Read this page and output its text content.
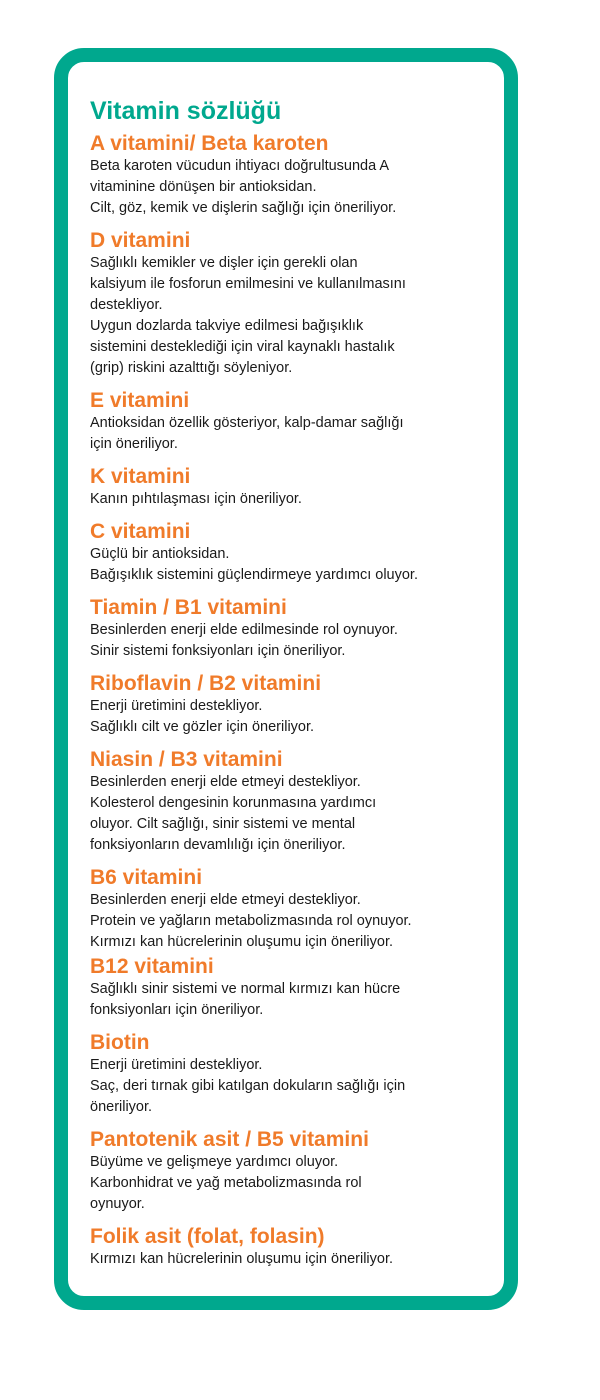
Vitamin sözlüğü
A vitamini/ Beta karoten

Beta karoten vücudun ihtiyacı doğrultusunda A

vitaminine dönüşen bir antioksidan.

Cilt, göz, kemik ve dişlerin sağlığı için öneriliyor.

D vitamini

Sağlıklı kemikler ve dişler için gerekli olan

kalsiyum ile fosforun emilmesini ve kullanılmasını

destekliyor.

Uygun dozlarda takviye edilmesi bağışıklık

sistemini desteklediği için viral kaynaklı hastalık

(grip) riskini azalttığı söyleniyor.

E vitamini

Antioksidan özellik gösteriyor, kalp-damar sağlığı

için öneriliyor.

K vitamini

Kanın pıhtılaşması için öneriliyor.

C vitamini

Güçlü bir antioksidan.

Bağışıklık sistemini güçlendirmeye yardımcı oluyor.

Tiamin / B1 vitamini

Besinlerden enerji elde edilmesinde rol oynuyor.

Sinir sistemi fonksiyonları için öneriliyor.

Riboflavin / B2 vitamini

Enerji üretimini destekliyor.

Sağlıklı cilt ve gözler için öneriliyor.

Niasin / B3 vitamini

Besinlerden enerji elde etmeyi destekliyor.

Kolesterol dengesinin korunmasına yardımcı

oluyor. Cilt sağlığı, sinir sistemi ve mental

fonksiyonların devamlılığı için öneriliyor.

B6 vitamini

Besinlerden enerji elde etmeyi destekliyor.

Protein ve yağların metabolizmasında rol oynuyor.

Kırmızı kan hücrelerinin oluşumu için öneriliyor.

B12 vitamini

Sağlıklı sinir sistemi ve normal kırmızı kan hücre

fonksiyonları için öneriliyor.

Biotin

Enerji üretimini destekliyor.

Saç, deri tırnak gibi katılgan dokuların sağlığı için

öneriliyor.

Pantotenik asit / B5 vitamini

Büyüme ve gelişmeye yardımcı oluyor.

Karbonhidrat ve yağ metabolizmasında rol

oynuyor.

Folik asit (folat, folasin)

Kırmızı kan hücrelerinin oluşumu için öneriliyor.
